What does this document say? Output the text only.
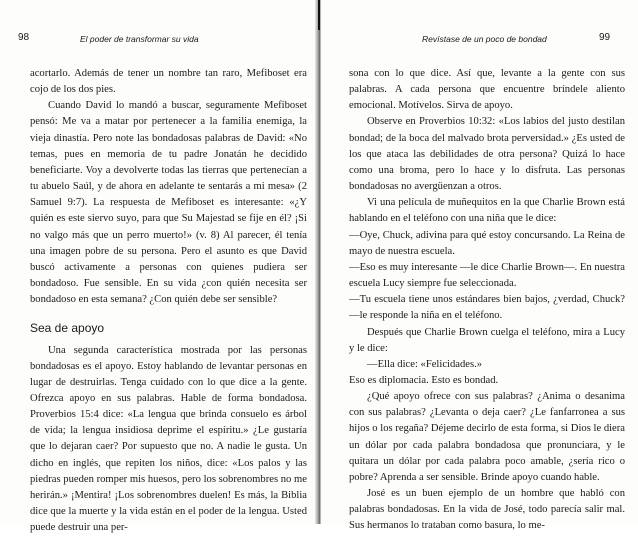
98	El poder de transformar su vida

acortarlo. Además de tener un nombre tan raro, Mefiboset era cojo de los dos pies.

Cuando David lo mandó a buscar, seguramente Mefiboset pensó: Me va a matar por pertenecer a la familia enemiga, la vieja dinastía. Pero note las bondadosas palabras de David: «No temas, pues en memoria de tu padre Jonatán he decidido beneficiarte. Voy a devolverte todas las tierras que pertenecían a tu abuelo Saúl, y de ahora en adelante te sentarás a mi mesa» (2 Samuel 9:7). La respuesta de Mefiboset es interesante: «¿Y quién es este siervo suyo, para que Su Majestad se fije en él? ¡Si no valgo más que un perro muerto!» (v. 8) Al parecer, él tenía una imagen pobre de su persona. Pero el asunto es que David buscó activamente a personas con quienes pudiera ser bondadoso. Fue sensible. En su vida ¿con quién necesita ser bondadoso en esta semana? ¿Con quién debe ser sensible?

Sea de apoyo

Una segunda característica mostrada por las personas bondadosas es el apoyo. Estoy hablando de levantar personas en lugar de destruirlas. Tenga cuidado con lo que dice a la gente. Ofrezca apoyo en sus palabras. Hable de forma bondadosa. Proverbios 15:4 dice: «La lengua que brinda consuelo es árbol de vida; la lengua insidiosa deprime el espíritu.» ¿Le gustaría que lo dejaran caer? Por supuesto que no. A nadie le gusta. Un dicho en inglés, que repiten los niños, dice: «Los palos y las piedras pueden romper mis huesos, pero los sobrenombres no me herirán.» ¡Mentira! ¡Los sobrenombres duelen! Es más, la Biblia dice que la muerte y la vida están en el poder de la lengua. Usted puede destruir una per-

Revístase de un poco de bondad	99

sona con lo que dice. Así que, levante a la gente con sus palabras. A cada persona que encuentre bríndele aliento emocional. Motívelos. Sirva de apoyo.

Observe en Proverbios 10:32: «Los labios del justo destilan bondad; de la boca del malvado brota perversidad.» ¿Es usted de los que ataca las debilidades de otra persona? Quizá lo hace como una broma, pero lo hace y lo disfruta. Las personas bondadosas no avergüenzan a otros.

Vi una película de muñequitos en la que Charlie Brown está hablando en el teléfono con una niña que le dice:

—Oye, Chuck, adivina para qué estoy concursando. La Reina de mayo de nuestra escuela.

—Eso es muy interesante —le dice Charlie Brown—. En nuestra escuela Lucy siempre fue seleccionada.

—Tu escuela tiene unos estándares bien bajos, ¿verdad, Chuck? —le responde la niña en el teléfono.

Después que Charlie Brown cuelga el teléfono, mira a Lucy y le dice:

—Ella dice: «Felicidades.»

Eso es diplomacia. Esto es bondad.

¿Qué apoyo ofrece con sus palabras? ¿Anima o desanima con sus palabras? ¿Levanta o deja caer? ¿Le fanfarronea a sus hijos o los regaña? Déjeme decirlo de esta forma, si Dios le diera un dólar por cada palabra bondadosa que pronunciara, y le quitara un dólar por cada palabra poco amable, ¿sería rico o pobre? Aprenda a ser sensible. Brinde apoyo cuando hable.

José es un buen ejemplo de un hombre que habló con palabras bondadosas. En la vida de José, todo parecía salir mal. Sus hermanos lo trataban como basura, lo me-
